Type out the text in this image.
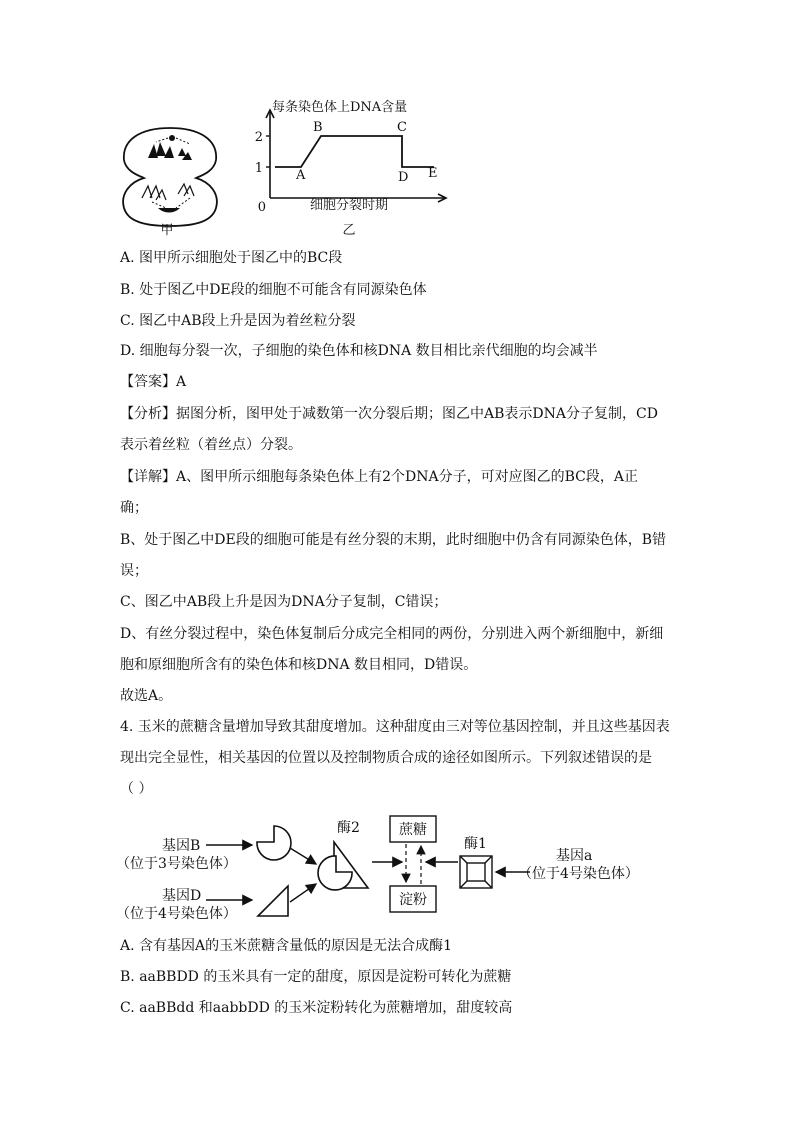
甲
1
2
A
B	C
D E
每条染色体上DNA含量
细胞分裂时期
0
乙
A. 图甲所示细胞处于图乙中的BC段
B. 处于图乙中DE段的细胞不可能含有同源染色体
C. 图乙中AB段上升是因为着丝粒分裂
D. 细胞每分裂一次，子细胞的染色体和核DNA 数目相比亲代细胞的均会减半
【答案】A
【分析】据图分析，图甲处于减数第一次分裂后期；图乙中AB表示DNA分子复制，CD
表示着丝粒（着丝点）分裂。
【详解】A、图甲所示细胞每条染色体上有2个DNA分子，可对应图乙的BC段，A正
确；
B、处于图乙中DE段的细胞可能是有丝分裂的末期，此时细胞中仍含有同源染色体，B错
误；
C、图乙中AB段上升是因为DNA分子复制，C错误；
D、有丝分裂过程中，染色体复制后分成完全相同的两份，分别进入两个新细胞中，新细
胞和原细胞所含有的染色体和核DNA 数目相同，D错误。
故选A。
4. 玉米的蔗糖含量增加导致其甜度增加。这种甜度由三对等位基因控制，并且这些基因表
现出完全显性，相关基因的位置以及控制物质合成的途径如图所示。下列叙述错误的是
（ ）
基因B
（位于3号染色体）
基因D
（位于4号染色体）
酶2	蔗糖
淀粉
酶1
基因a
（位于4号染色体）
A. 含有基因A的玉米蔗糖含量低的原因是无法合成酶1
B. aaBBDD 的玉米具有一定的甜度，原因是淀粉可转化为蔗糖
C. aaBBdd 和aabbDD 的玉米淀粉转化为蔗糖增加，甜度较高
